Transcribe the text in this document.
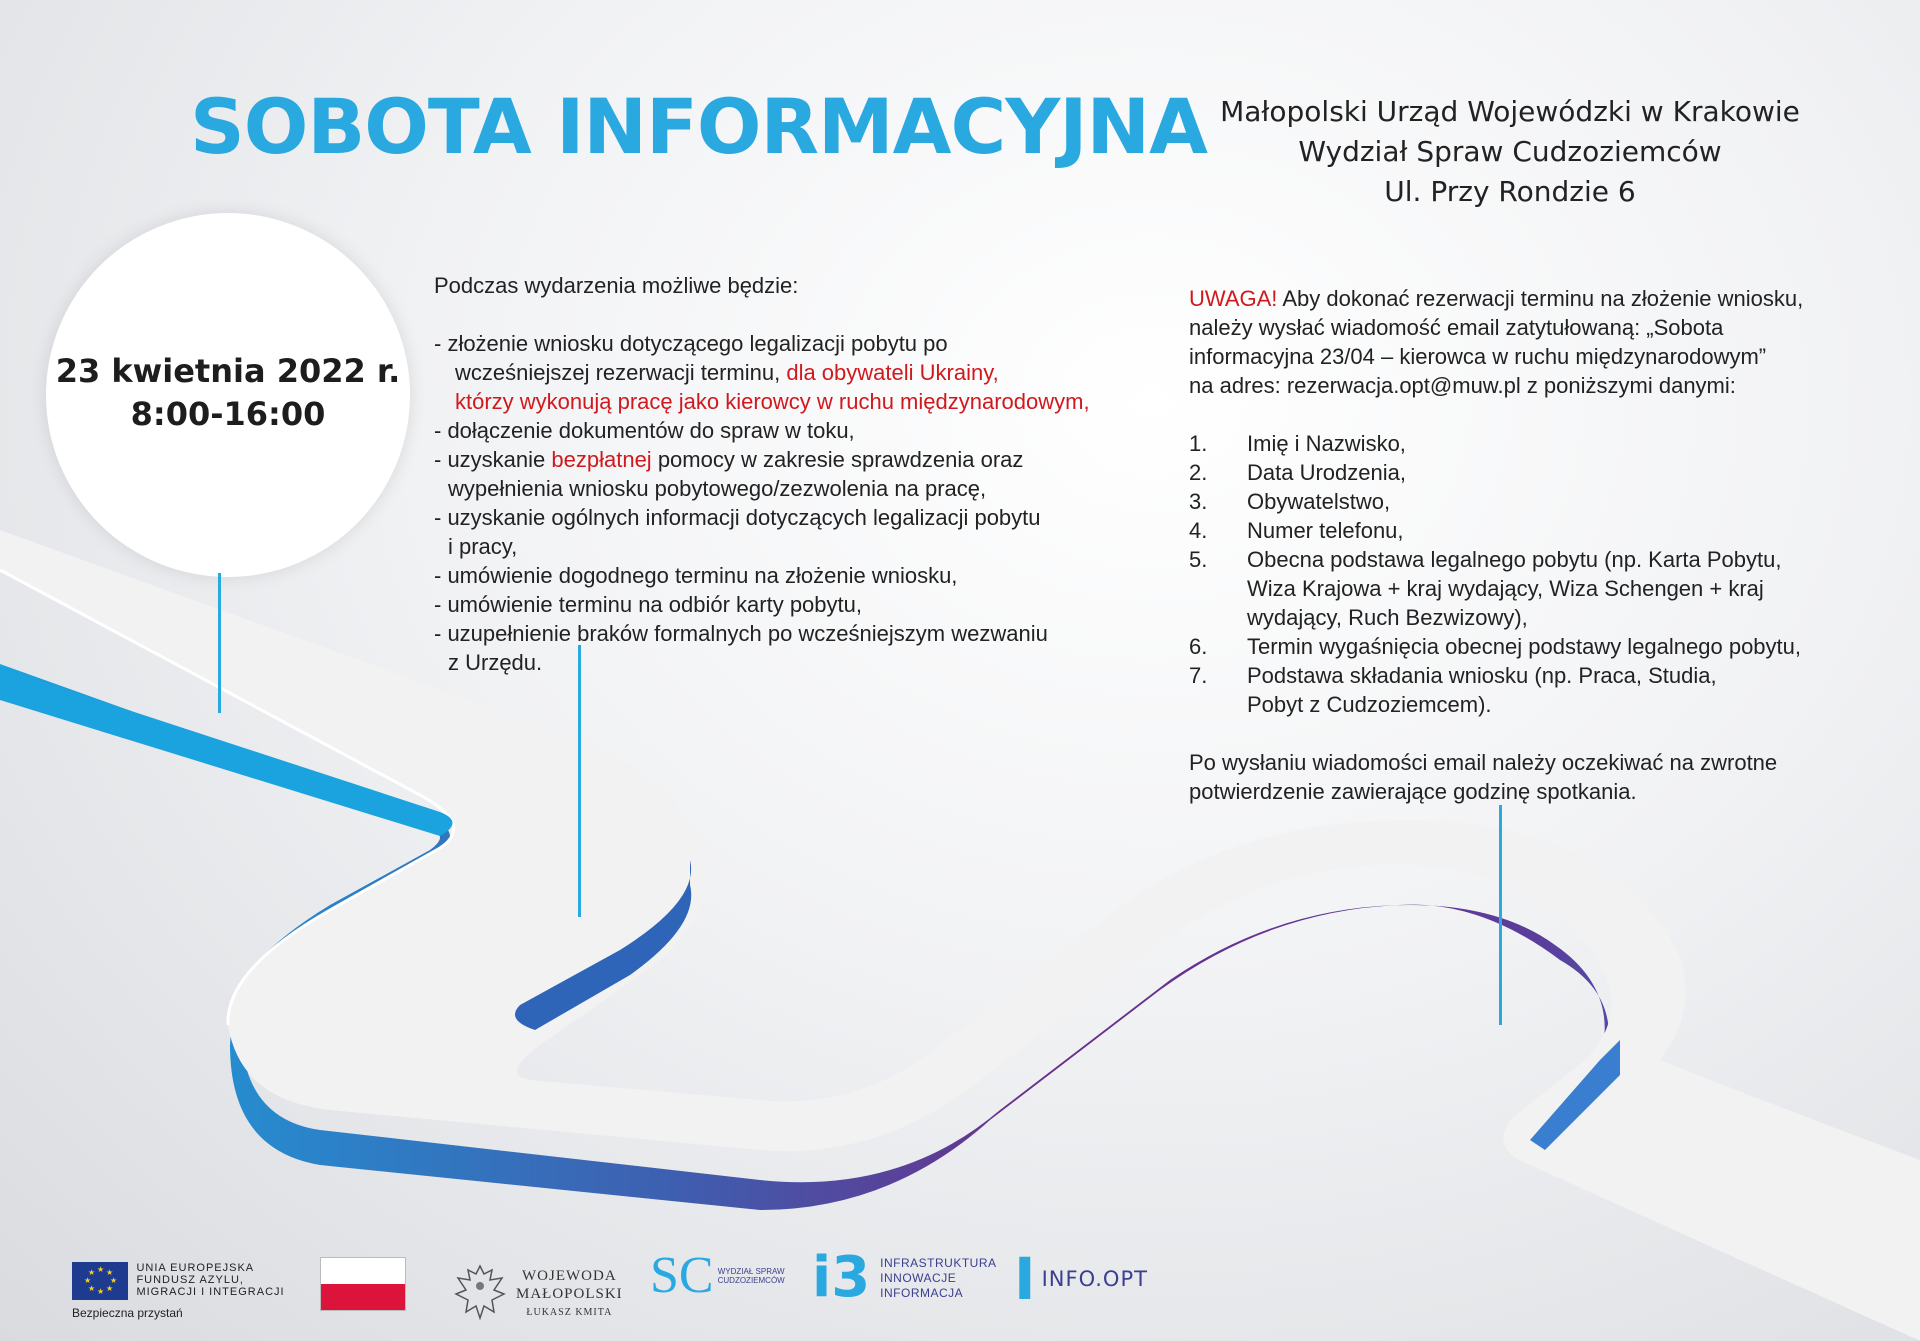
SOBOTA INFORMACYJNA Małopolski Urząd Wojewódzki w Krakowie
Wydział Spraw Cudzoziemców
Ul. Przy Rondzie 6
23 kwietnia 2022 r.
8:00-16:00
Podczas wydarzenia możliwe będzie:
- złożenie wniosku dotyczącego legalizacji pobytu po
wcześniejszej rezerwacji terminu, dla obywateli Ukrainy,
którzy wykonują pracę jako kierowcy w ruchu międzynarodowym,
- dołączenie dokumentów do spraw w toku,
- uzyskanie bezpłatnej pomocy w zakresie sprawdzenia oraz
wypełnienia wniosku pobytowego/zezwolenia na pracę,
- uzyskanie ogólnych informacji dotyczących legalizacji pobytu
i pracy,
- umówienie dogodnego terminu na złożenie wniosku,
- umówienie terminu na odbiór karty pobytu,
- uzupełnienie braków formalnych po wcześniejszym wezwaniu
z Urzędu.
UWAGA! Aby dokonać rezerwacji terminu na złożenie wniosku,
należy wysłać wiadomość email zatytułowaną: „Sobota
informacyjna 23/04 – kierowca w ruchu międzynarodowym”
na adres: rezerwacja.opt@muw.pl z poniższymi danymi:
1.	Imię i Nazwisko,
2.	Data Urodzenia,
3.	Obywatelstwo,
4.	Numer telefonu,
5.	Obecna podstawa legalnego pobytu (np. Karta Pobytu,
Wiza Krajowa + kraj wydający, Wiza Schengen + kraj
wydający, Ruch Bezwizowy),
6.	Termin wygaśnięcia obecnej podstawy legalnego pobytu,
7.	Podstawa składania wniosku (np. Praca, Studia,
Pobyt z Cudzoziemcem).
Po wysłaniu wiadomości email należy oczekiwać na zwrotne
potwierdzenie zawierające godzinę spotkania.
★ ★
★
★
★
★
★
★
	UNIA EUROPEJSKA
FUNDUSZ AZYLU,
MIGRACJI I INTEGRACJI
Bezpieczna przystań
WOJEWODA
MAŁOPOLSKI
ŁUKASZ KMITA
SC WYDZIAŁ SPRAW
CUDZOZIEMCÓW i3 INFRASTRUKTURA
INNOWACJE
INFORMACJA I INFO.OPT
